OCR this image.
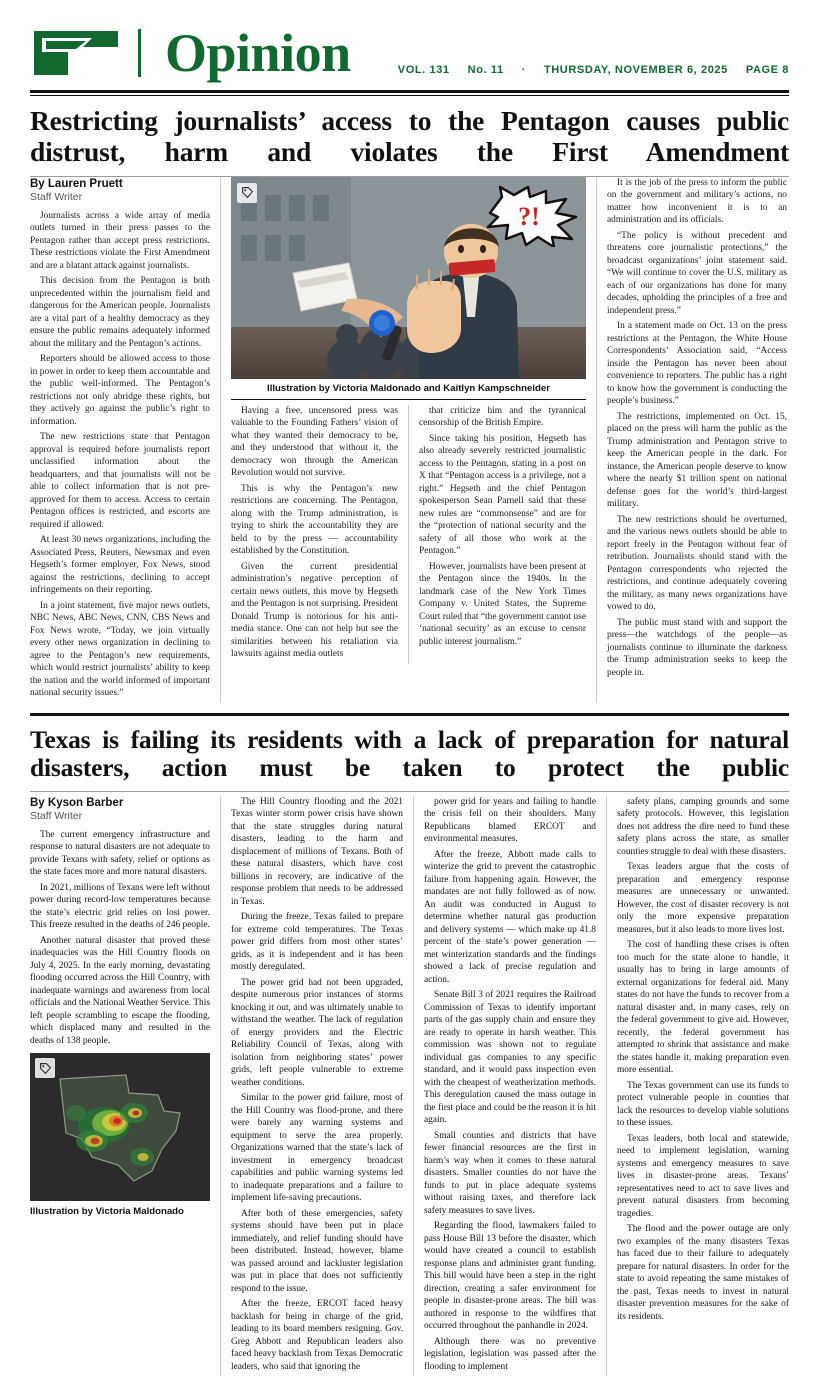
Opinion	VOL. 131 No. 11 · THURSDAY, NOVEMBER 6, 2025 PAGE 8
Restricting journalists’ access to the Pentagon causes public distrust, harm and violates the First Amendment
By Lauren Pruett
Staff Writer

Journalists across a wide array of media outlets turned in their press passes to the Pentagon rather than accept press restrictions. These restrictions violate the First Amendment and are a blatant attack against journalists.

This decision from the Pentagon is both unprecedented within the journalism field and dangerous for the American people. Journalists are a vital part of a healthy democracy as they ensure the public remains adequately informed about the military and the Pentagon’s actions.

Reporters should be allowed access to those in power in order to keep them accountable and the public well-informed. The Pentagon’s restrictions not only abridge these rights, but they actively go against the public’s right to information.

The new restrictions state that Pentagon approval is required before journalists report unclassified information about the headquarters, and that journalists will not be able to collect information that is not pre-approved for them to access. Access to certain Pentagon offices is restricted, and escorts are required if allowed.

At least 30 news organizations, including the Associated Press, Reuters, Newsmax and even Hegseth’s former employer, Fox News, stood against the restrictions, declining to accept infringements on their reporting.

In a joint statement, five major news outlets, NBC News, ABC News, CNN, CBS News and Fox News wrote, “Today, we join virtually every other news organization in declining to agree to the Pentagon’s new requirements, which would restrict journalists’ ability to keep the nation and the world informed of important national security issues.”

?!
Illustration by Victoria Maldonado and Kaitlyn Kampschneider

Having a free, uncensored press was valuable to the Founding Fathers’ vision of what they wanted their democracy to be, and they understood that without it, the democracy won through the American Revolution would not survive.

This is why the Pentagon’s new restrictions are concerning. The Pentagon, along with the Trump administration, is trying to shirk the accountability they are held to by the press — accountability established by the Constitution.

Given the current presidential administration’s negative perception of certain news outlets, this move by Hegseth and the Pentagon is not surprising. President Donald Trump is notorious for his anti-media stance. One can not help but see the similarities between his retaliation via lawsuits against media outlets

that criticize him and the tyrannical censorship of the British Empire.

Since taking his position, Hegseth has also already severely restricted journalistic access to the Pentagon, stating in a post on X that “Pentagon access is a privilege, not a right.” Hegseth and the chief Pentagon spokesperson Sean Parnell said that these new rules are “commonsense” and are for the “protection of national security and the safety of all those who work at the Pentagon.”

However, journalists have been present at the Pentagon since the 1940s. In the landmark case of the New York Times Company v. United States, the Supreme Court ruled that “the government cannot use ‘national security’ as an excuse to censor public interest journalism.”

It is the job of the press to inform the public on the government and military’s actions, no matter how inconvenient it is to an administration and its officials.

“The policy is without precedent and threatens core journalistic protections,” the broadcast organizations’ joint statement said. “We will continue to cover the U.S. military as each of our organizations has done for many decades, upholding the principles of a free and independent press.”

In a statement made on Oct. 13 on the press restrictions at the Pentagon, the White House Correspondents’ Association said, “Access inside the Pentagon has never been about convenience to reporters. The public has a right to know how the government is conducting the people’s business.”

The restrictions, implemented on Oct. 15, placed on the press will harm the public as the Trump administration and Pentagon strive to keep the American people in the dark. For instance, the American people deserve to know where the nearly $1 trillion spent on national defense goes for the world’s third-largest military.

The new restrictions should be overturned, and the various news outlets should be able to report freely in the Pentagon without fear of retribution. Journalists should stand with the Pentagon correspondents who rejected the restrictions, and continue adequately covering the military, as many news organizations have vowed to do.

The public must stand with and support the press—the watchdogs of the people—as journalists continue to illuminate the darkness the Trump administration seeks to keep the people in.

Texas is failing its residents with a lack of preparation for natural disasters, action must be taken to protect the public
By Kyson Barber
Staff Writer

The current emergency infrastructure and response to natural disasters are not adequate to provide Texans with safety, relief or options as the state faces more and more natural disasters.

In 2021, millions of Texans were left without power during record-low temperatures because the state’s electric grid relies on lost power. This freeze resulted in the deaths of 246 people.

Another natural disaster that proved these inadequacies was the Hill Country floods on July 4, 2025. In the early morning, devastating flooding occurred across the Hill Country, with inadequate warnings and awareness from local officials and the National Weather Service. This left people scrambling to escape the flooding, which displaced many and resulted in the deaths of 138 people.

Illustration by Victoria Maldonado

The Hill Country flooding and the 2021 Texas winter storm power crisis have shown that the state struggles during natural disasters, leading to the harm and displacement of millions of Texans. Both of these natural disasters, which have cost billions in recovery, are indicative of the response problem that needs to be addressed in Texas.

During the freeze, Texas failed to prepare for extreme cold temperatures. The Texas power grid differs from most other states’ grids, as it is independent and it has been mostly deregulated.

The power grid had not been upgraded, despite numerous prior instances of storms knocking it out, and was ultimately unable to withstand the weather. The lack of regulation of energy providers and the Electric Reliability Council of Texas, along with isolation from neighboring states’ power grids, left people vulnerable to extreme weather conditions.

Similar to the power grid failure, most of the Hill Country was flood-prone, and there were barely any warning systems and equipment to serve the area properly. Organizations warned that the state’s lack of investment in emergency broadcast capabilities and public warning systems led to inadequate preparations and a failure to implement life-saving precautions.

After both of these emergencies, safety systems should have been put in place immediately, and relief funding should have been distributed. Instead, however, blame was passed around and lackluster legislation was put in place that does not sufficiently respond to the issue.

After the freeze, ERCOT faced heavy backlash for being in charge of the grid, leading to its board members resigning. Gov. Greg Abbott and Republican leaders also faced heavy backlash from Texas Democratic leaders, who said that ignoring the

power grid for years and failing to handle the crisis fell on their shoulders. Many Republicans blamed ERCOT and environmental measures.

After the freeze, Abbott made calls to winterize the grid to prevent the catastrophic failure from happening again. However, the mandates are not fully followed as of now. An audit was conducted in August to determine whether natural gas production and delivery systems — which make up 41.8 percent of the state’s power generation — met winterization standards and the findings showed a lack of precise regulation and action.

Senate Bill 3 of 2021 requires the Railroad Commission of Texas to identify important parts of the gas supply chain and ensure they are ready to operate in harsh weather. This commission was shown not to regulate individual gas companies to any specific standard, and it would pass inspection even with the cheapest of weatherization methods. This deregulation caused the mass outage in the first place and could be the reason it is hit again.

Small counties and districts that have fewer financial resources are the first in harm’s way when it comes to these natural disasters. Smaller counties do not have the funds to put in place adequate systems without raising taxes, and therefore lack safety measures to save lives.

Regarding the flood, lawmakers failed to pass House Bill 13 before the disaster, which would have created a council to establish response plans and administer grant funding. This bill would have been a step in the right direction, creating a safer environment for people in disaster-prone areas. The bill was authored in response to the wildfires that occurred throughout the panhandle in 2024.

Although there was no preventive legislation, legislation was passed after the flooding to implement

safety plans, camping grounds and some safety protocols. However, this legislation does not address the dire need to fund these safety plans across the state, as smaller counties struggle to deal with these disasters.

Texas leaders argue that the costs of preparation and emergency response measures are unnecessary or unwanted. However, the cost of disaster recovery is not only the more expensive preparation measures, but it also leads to more lives lost.

The cost of handling these crises is often too much for the state alone to handle, it usually has to bring in large amounts of external organizations for federal aid. Many states do not have the funds to recover from a natural disaster and, in many cases, rely on the federal government to give aid. However, recently, the federal government has attempted to shrink that assistance and make the states handle it, making preparation even more essential.

The Texas government can use its funds to protect vulnerable people in counties that lack the resources to develop viable solutions to these issues.

Texas leaders, both local and statewide, need to implement legislation, warning systems and emergency measures to save lives in disaster-prone areas. Texans’ representatives need to act to save lives and prevent natural disasters from becoming tragedies.

The flood and the power outage are only two examples of the many disasters Texas has faced due to their failure to adequately prepare for natural disasters. In order for the state to avoid repeating the same mistakes of the past, Texas needs to invest in natural disaster prevention measures for the sake of its residents.
